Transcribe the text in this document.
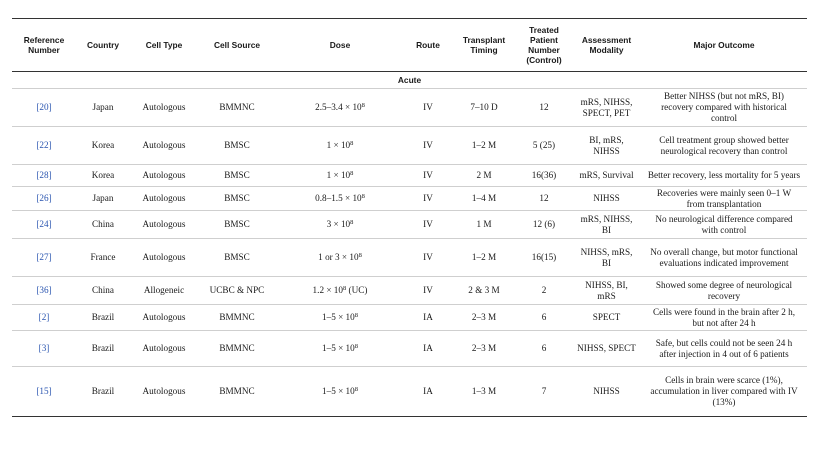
Reference Number	Country	Cell Type	Cell Source	Dose	Route	Transplant Timing	Treated Patient Number (Control)	Assessment Modality	Major Outcome
Acute									
[20]	Japan	Autologous	BMMNC	$2.5-3.4 \times 10^8$	IV	7–10 D	12	mRS, NIHSS, SPECT, PET	Better NIHSS (but not mRS, BI) recovery compared with historical control
[22]	Korea	Autologous	BMSC	$1 \times 10^8$	IV	1–2 M	5 (25)	BI, mRS, NIHSS	Cell treatment group showed better neurological recovery than control
[28]	Korea	Autologous	BMSC	$1 \times 10^8$	IV	2 M	16(36)	mRS, Survival	Better recovery, less mortality for 5 years
[26]	Japan	Autologous	BMSC	$0.8-1.5 \times 10^8$	IV	1–4 M	12	NIHSS	Recoveries were mainly seen 0–1 W from transplantation
[24]	China	Autologous	BMSC	$3 \times 10^8$	IV	1 M	12 (6)	mRS, NIHSS, BI	No neurological difference compared with control
[27]	France	Autologous	BMSC	1 or $3 \times 10^8$	IV	1–2 M	16(15)	NIHSS, mRS, BI	No overall change, but motor functional evaluations indicated improvement
[36]	China	Allogeneic	UCBC & NPC	$1.2 \times 10^8$ (UC)	IV	2 & 3 M	2	NIHSS, BI, mRS	Showed some degree of neurological recovery
[2]	Brazil	Autologous	BMMNC	$1-5 \times 10^8$	IA	2–3 M	6	SPECT	Cells were found in the brain after 2 h, but not after 24 h
[3]	Brazil	Autologous	BMMNC	$1-5 \times 10^8$	IA	2–3 M	6	NIHSS, SPECT	Safe, but cells could not be seen 24 h after injection in 4 out of 6 patients
[15]	Brazil	Autologous	BMMNC	$1-5 \times 10^8$	IA	1–3 M	7	NIHSS	Cells in brain were scarce (1%), accumulation in liver compared with IV (13%)
